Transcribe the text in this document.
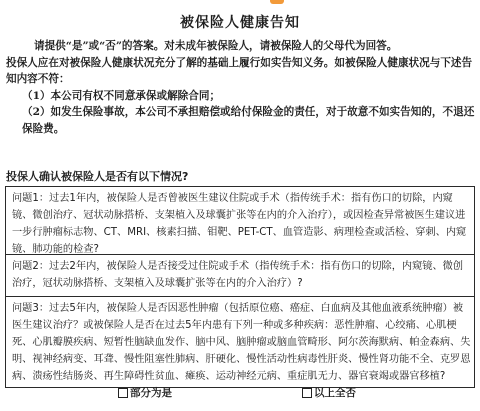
被保险人健康告知

请提供“是”或“否”的答案。对未成年被保险人，请被保险人的父母代为回答。

投保人应在对被保险人健康状况充分了解的基础上履行如实告知义务。如被保险人健康状况与下述告知内容不符：

（1）本公司有权不同意承保或解除合同；

（2）如发生保险事故，本公司不承担赔偿或给付保险金的责任，对于故意不如实告知的，不退还保险费。

投保人确认被保险人是否有以下情况?
问题1：过去1年内，被保险人是否曾被医生建议住院或手术（指传统手术：指有伤口的切除，内窥镜、微创治疗、冠状动脉搭桥、支架植入及球囊扩张等在内的介入治疗），或因检查异常被医生建议进一步行肿瘤标志物、CT、MRI、核素扫描、钼靶、PET-CT、血管造影、病理检查或活检、穿刺、内窥镜、肺功能的检查?
问题2：过去2年内，被保险人是否接受过住院或手术（指传统手术：指有伤口的切除，内窥镜、微创治疗，冠状动脉搭桥、支架植入及球囊扩张等在内的介入治疗）?
问题3：过去5年内，被保险人是否因恶性肿瘤（包括原位癌、癌症、白血病及其他血液系统肿瘤）被医生建议治疗？或被保险人是否在过去5年内患有下列一种或多种疾病：恶性肿瘤、心绞痛、心肌梗死、心肌瓣膜疾病、短暂性脑缺血发作、脑中风、脑肿瘤或脑血管畸形、阿尔茨海默病、帕金森病、失明、视神经病变、耳聋、慢性阻塞性肺病、肝硬化、慢性活动性病毒性肝炎、慢性肾功能不全、克罗恩病、溃疡性结肠炎、再生障碍性贫血、瘫痪、运动神经元病、重症肌无力、器官衰竭或器官移植?
部分为是	以上全否
